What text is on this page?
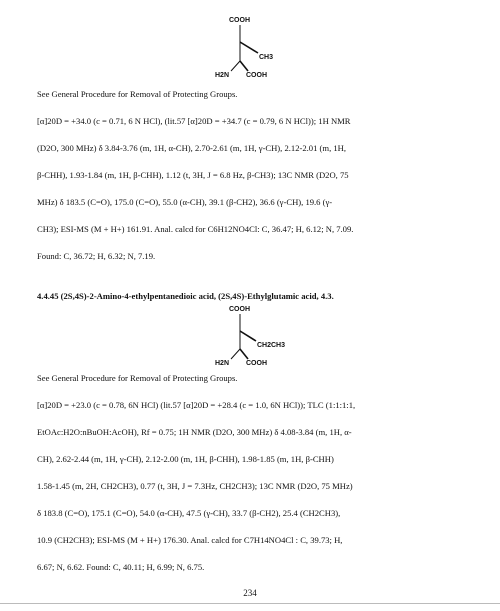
COOH
CH3
H2N COOH
See General Procedure for Removal of Protecting Groups.
[α]20D = +34.0 (c = 0.71, 6 N HCl), (lit.57 [α]20D = +34.7 (c = 0.79, 6 N HCl)); 1H NMR
(D2O, 300 MHz) δ 3.84-3.76 (m, 1H, α-CH), 2.70-2.61 (m, 1H, γ-CH), 2.12-2.01 (m, 1H,
β-CHH), 1.93-1.84 (m, 1H, β-CHH), 1.12 (t, 3H, J = 6.8 Hz, β-CH3); 13C NMR (D2O, 75
MHz) δ 183.5 (C=O), 175.0 (C=O), 55.0 (α-CH), 39.1 (β-CH2), 36.6 (γ-CH), 19.6 (γ-
CH3); ESI-MS (M + H+) 161.91. Anal. calcd for C6H12NO4Cl: C, 36.47; H, 6.12; N, 7.09.
Found: C, 36.72; H, 6.32; N, 7.19.
4.4.45 (2S,4S)-2-Amino-4-ethylpentanedioic acid, (2S,4S)-Ethylglutamic acid, 4.3.
COOH
CH2CH3
H2N COOH
See General Procedure for Removal of Protecting Groups.
[α]20D = +23.0 (c = 0.78, 6N HCl) (lit.57 [α]20D = +28.4 (c = 1.0, 6N HCl)); TLC (1:1:1:1,
EtOAc:H2O:nBuOH:AcOH), Rf = 0.75; 1H NMR (D2O, 300 MHz) δ 4.08-3.84 (m, 1H, α-
CH), 2.62-2.44 (m, 1H, γ-CH), 2.12-2.00 (m, 1H, β-CHH), 1.98-1.85 (m, 1H, β-CHH)
1.58-1.45 (m, 2H, CH2CH3), 0.77 (t, 3H, J = 7.3Hz, CH2CH3); 13C NMR (D2O, 75 MHz)
δ 183.8 (C=O), 175.1 (C=O), 54.0 (α-CH), 47.5 (γ-CH), 33.7 (β-CH2), 25.4 (CH2CH3),
10.9 (CH2CH3); ESI-MS (M + H+) 176.30. Anal. calcd for C7H14NO4Cl : C, 39.73; H,
6.67; N, 6.62. Found: C, 40.11; H, 6.99; N, 6.75.
234
